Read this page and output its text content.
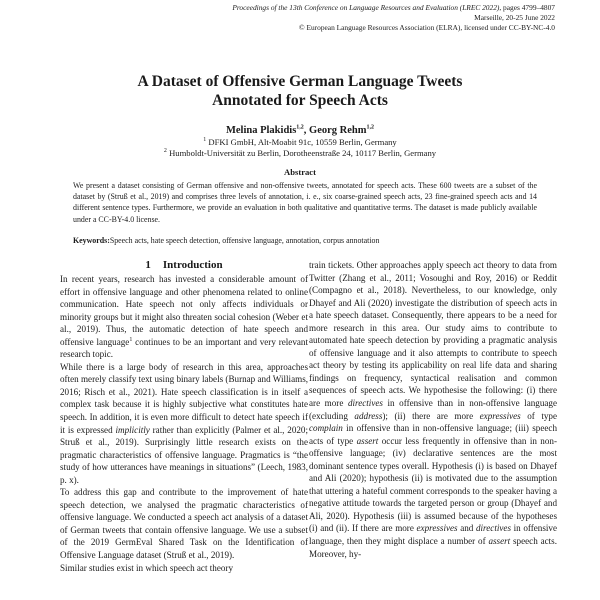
Proceedings of the 13th Conference on Language Resources and Evaluation (LREC 2022), pages 4799–4807
Marseille, 20-25 June 2022
© European Language Resources Association (ELRA), licensed under CC-BY-NC-4.0
A Dataset of Offensive German Language Tweets
Annotated for Speech Acts
Melina Plakidis$^{1,2}$, Georg Rehm$^{1,2}$
$^1$ DFKI GmbH, Alt-Moabit 91c, 10559 Berlin, Germany
$^2$ Humboldt-Universität zu Berlin, Dorotheenstraße 24, 10117 Berlin, Germany
Abstract
We present a dataset consisting of German offensive and non-offensive tweets, annotated for speech acts. These 600 tweets are a subset of the dataset by (Struß et al., 2019) and comprises three levels of annotation, i. e., six coarse-grained speech acts, 23 fine-grained speech acts and 14 different sentence types. Furthermore, we provide an evaluation in both qualitative and quantitative terms. The dataset is made publicly available under a CC-BY-4.0 license.
Keywords:Speech acts, hate speech detection, offensive language, annotation, corpus annotation
1 Introduction

In recent years, research has invested a considerable amount of effort in offensive language and other phenomena related to online communication. Hate speech not only affects individuals or minority groups but it might also threaten social cohesion (Weber et al., 2019). Thus, the automatic detection of hate speech and offensive language$^1$ continues to be an important and very relevant research topic.

While there is a large body of research in this area, approaches often merely classify text using binary labels (Burnap and Williams, 2016; Risch et al., 2021). Hate speech classification is in itself a complex task because it is highly subjective what constitutes hate speech. In addition, it is even more difficult to detect hate speech if it is expressed implicitly rather than explicitly (Palmer et al., 2020; Struß et al., 2019). Surprisingly little research exists on the pragmatic characteristics of offensive language. Pragmatics is “the study of how utterances have meanings in situations” (Leech, 1983, p. x).

To address this gap and contribute to the improvement of hate speech detection, we analysed the pragmatic characteristics of offensive language. We conducted a speech act analysis of a dataset of German tweets that contain offensive language. We use a subset of the 2019 GermEval Shared Task on the Identification of Offensive Language dataset (Struß et al., 2019).

Similar studies exist in which speech act theory

train tickets. Other approaches apply speech act theory to data from Twitter (Zhang et al., 2011; Vosoughi and Roy, 2016) or Reddit (Compagno et al., 2018). Nevertheless, to our knowledge, only Dhayef and Ali (2020) investigate the distribution of speech acts in a hate speech dataset. Consequently, there appears to be a need for more research in this area. Our study aims to contribute to automated hate speech detection by providing a pragmatic analysis of offensive language and it also attempts to contribute to speech act theory by testing its applicability on real life data and sharing findings on frequency, syntactical realisation and common sequences of speech acts. We hypothesise the following: (i) there are more directives in offensive than in non-offensive language (excluding address); (ii) there are more expressives of type complain in offensive than in non-offensive language; (iii) speech acts of type assert occur less frequently in offensive than in non-offensive language; (iv) declarative sentences are the most dominant sentence types overall. Hypothesis (i) is based on Dhayef and Ali (2020); hypothesis (ii) is motivated due to the assumption that uttering a hateful comment corresponds to the speaker having a negative attitude towards the targeted person or group (Dhayef and Ali, 2020). Hypothesis (iii) is assumed because of the hypotheses (i) and (ii). If there are more expressives and directives in offensive language, then they might displace a number of assert speech acts. Moreover, hy-
